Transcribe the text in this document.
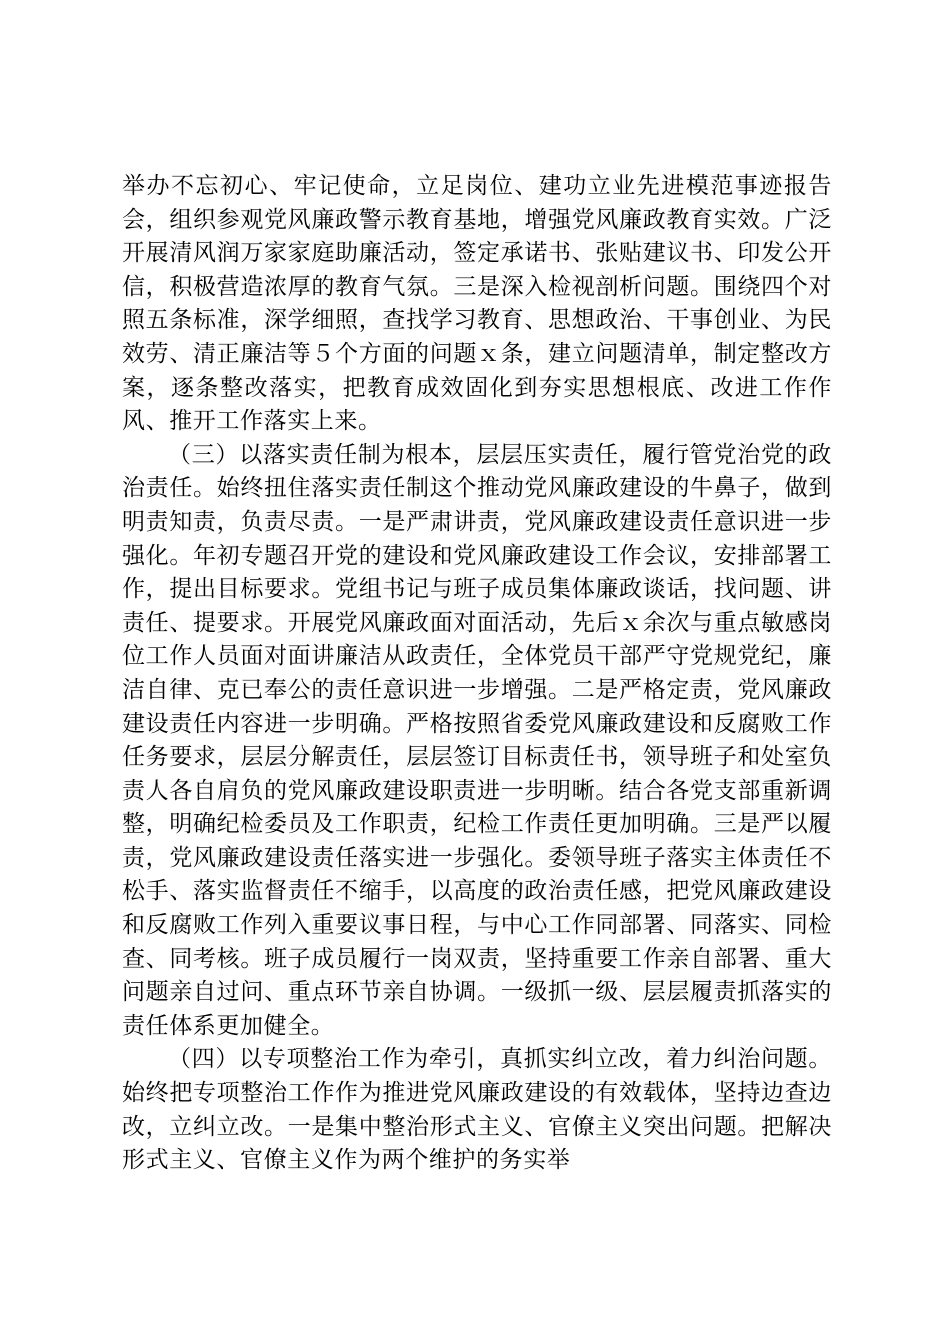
举办不忘初心、牢记使命，立足岗位、建功立业先进模范事迹报告会，组织参观党风廉政警示教育基地，增强党风廉政教育实效。广泛开展清风润万家家庭助廉活动，签定承诺书、张贴建议书、印发公开信，积极营造浓厚的教育气氛。三是深入检视剖析问题。围绕四个对照五条标准，深学细照，查找学习教育、思想政治、干事创业、为民效劳、清正廉洁等５个方面的问题ｘ条，建立问题清单，制定整改方案，逐条整改落实，把教育成效固化到夯实思想根底、改进工作作风、推开工作落实上来。

（三）以落实责任制为根本，层层压实责任，履行管党治党的政治责任。始终扭住落实责任制这个推动党风廉政建设的牛鼻子，做到明责知责，负责尽责。一是严肃讲责，党风廉政建设责任意识进一步强化。年初专题召开党的建设和党风廉政建设工作会议，安排部署工作，提出目标要求。党组书记与班子成员集体廉政谈话，找问题、讲责任、提要求。开展党风廉政面对面活动，先后ｘ余次与重点敏感岗位工作人员面对面讲廉洁从政责任，全体党员干部严守党规党纪，廉洁自律、克已奉公的责任意识进一步增强。二是严格定责，党风廉政建设责任内容进一步明确。严格按照省委党风廉政建设和反腐败工作任务要求，层层分解责任，层层签订目标责任书，领导班子和处室负责人各自肩负的党风廉政建设职责进一步明晰。结合各党支部重新调整，明确纪检委员及工作职责，纪检工作责任更加明确。三是严以履责，党风廉政建设责任落实进一步强化。委领导班子落实主体责任不松手、落实监督责任不缩手，以高度的政治责任感，把党风廉政建设和反腐败工作列入重要议事日程，与中心工作同部署、同落实、同检查、同考核。班子成员履行一岗双责，坚持重要工作亲自部署、重大问题亲自过问、重点环节亲自协调。一级抓一级、层层履责抓落实的责任体系更加健全。

（四）以专项整治工作为牵引，真抓实纠立改，着力纠治问题。始终把专项整治工作作为推进党风廉政建设的有效载体，坚持边查边改，立纠立改。一是集中整治形式主义、官僚主义突出问题。把解决形式主义、官僚主义作为两个维护的务实举
